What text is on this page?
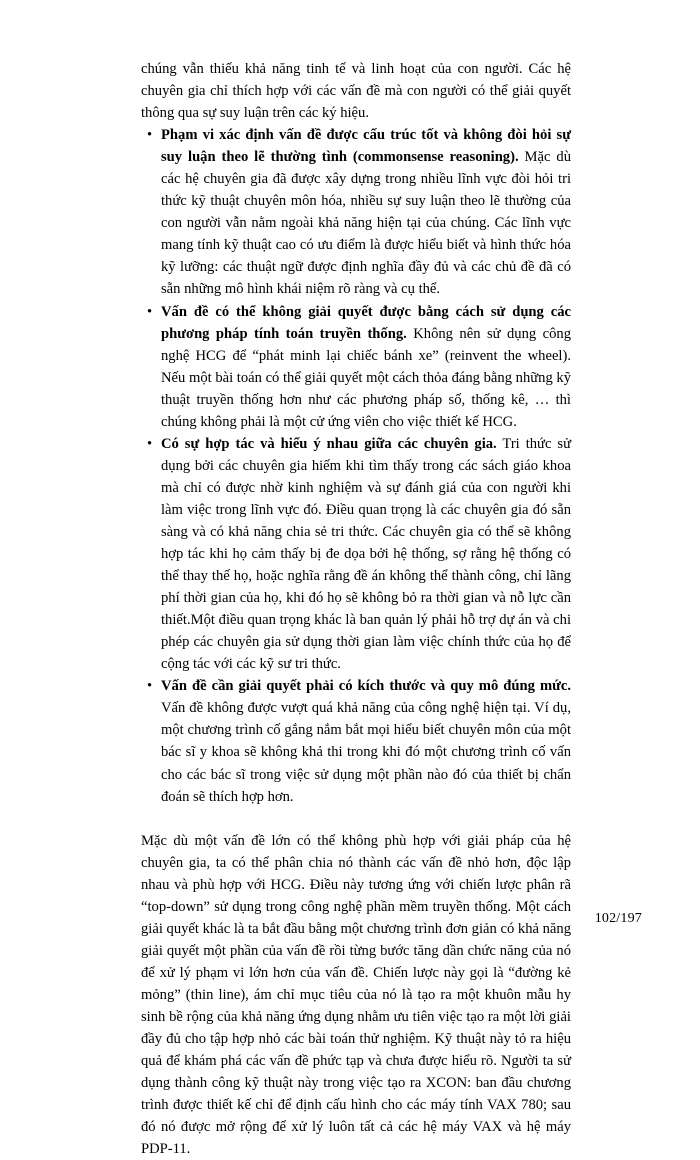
chúng vẫn thiếu khả năng tinh tế và linh hoạt của con người. Các hệ chuyên gia chỉ thích hợp với các vấn đề mà con người có thể giải quyết thông qua sự suy luận trên các ký hiệu.

• Phạm vi xác định vấn đề được cấu trúc tốt và không đòi hỏi sự suy luận theo lẽ thường tình (commonsense reasoning). Mặc dù các hệ chuyên gia đã được xây dựng trong nhiều lĩnh vực đòi hỏi tri thức kỹ thuật chuyên môn hóa, nhiều sự suy luận theo lẽ thường của con người vẫn nằm ngoài khả năng hiện tại của chúng. Các lĩnh vực mang tính kỹ thuật cao có ưu điểm là được hiểu biết và hình thức hóa kỹ lưỡng: các thuật ngữ được định nghĩa đầy đủ và các chủ đề đã có sẵn những mô hình khái niệm rõ ràng và cụ thể.
• Vấn đề có thể không giải quyết được bằng cách sử dụng các phương pháp tính toán truyền thống. Không nên sử dụng công nghệ HCG để “phát minh lại chiếc bánh xe” (reinvent the wheel). Nếu một bài toán có thể giải quyết một cách thỏa đáng bằng những kỹ thuật truyền thống hơn như các phương pháp số, thống kê, … thì chúng không phải là một cử ứng viên cho việc thiết kế HCG.
• Có sự hợp tác và hiểu ý nhau giữa các chuyên gia. Tri thức sử dụng bởi các chuyên gia hiếm khi tìm thấy trong các sách giáo khoa mà chỉ có được nhờ kinh nghiệm và sự đánh giá của con người khi làm việc trong lĩnh vực đó. Điều quan trọng là các chuyên gia đó sẵn sàng và có khả năng chia sẻ tri thức. Các chuyên gia có thể sẽ không hợp tác khi họ cảm thấy bị đe dọa bởi hệ thống, sợ rằng hệ thống có thể thay thế họ, hoặc nghĩa rằng đề án không thể thành công, chỉ lãng phí thời gian của họ, khi đó họ sẽ không bỏ ra thời gian và nỗ lực cần thiết.Một điều quan trọng khác là ban quản lý phải hỗ trợ dự án và chi phép các chuyên gia sử dụng thời gian làm việc chính thức của họ để cộng tác với các kỹ sư tri thức.
• Vấn đề cần giải quyết phải có kích thước và quy mô đúng mức. Vấn đề không được vượt quá khả năng của công nghệ hiện tại. Ví dụ, một chương trình cố gắng nắm bắt mọi hiểu biết chuyên môn của một bác sĩ y khoa sẽ không khả thi trong khi đó một chương trình cố vấn cho các bác sĩ trong việc sử dụng một phần nào đó của thiết bị chẩn đoán sẽ thích hợp hơn.

Mặc dù một vấn đề lớn có thể không phù hợp với giải pháp của hệ chuyên gia, ta có thể phân chia nó thành các vấn đề nhỏ hơn, độc lập nhau và phù hợp với HCG. Điều này tương ứng với chiến lược phân rã “top-down” sử dụng trong công nghệ phần mềm truyền thống. Một cách giải quyết khác là ta bắt đầu bằng một chương trình đơn giản có khả năng giải quyết một phần của vấn đề rồi từng bước tăng dần chức năng của nó để xử lý phạm vi lớn hơn của vấn đề. Chiến lược này gọi là “đường kẻ mỏng” (thin line), ám chỉ mục tiêu của nó là tạo ra một khuôn mẫu hy sinh bề rộng của khả năng ứng dụng nhằm ưu tiên việc tạo ra một lời giải đầy đủ cho tập hợp nhỏ các bài toán thử nghiệm. Kỹ thuật này tỏ ra hiệu quả để khám phá các vấn đề phức tạp và chưa được hiểu rõ. Người ta sử dụng thành công kỹ thuật này trong việc tạo ra XCON: ban đầu chương trình được thiết kế chỉ để định cấu hình cho các máy tính VAX 780; sau đó nó được mở rộng để xử lý luôn tất cả các hệ máy VAX và hệ máy PDP-11.

102/197
